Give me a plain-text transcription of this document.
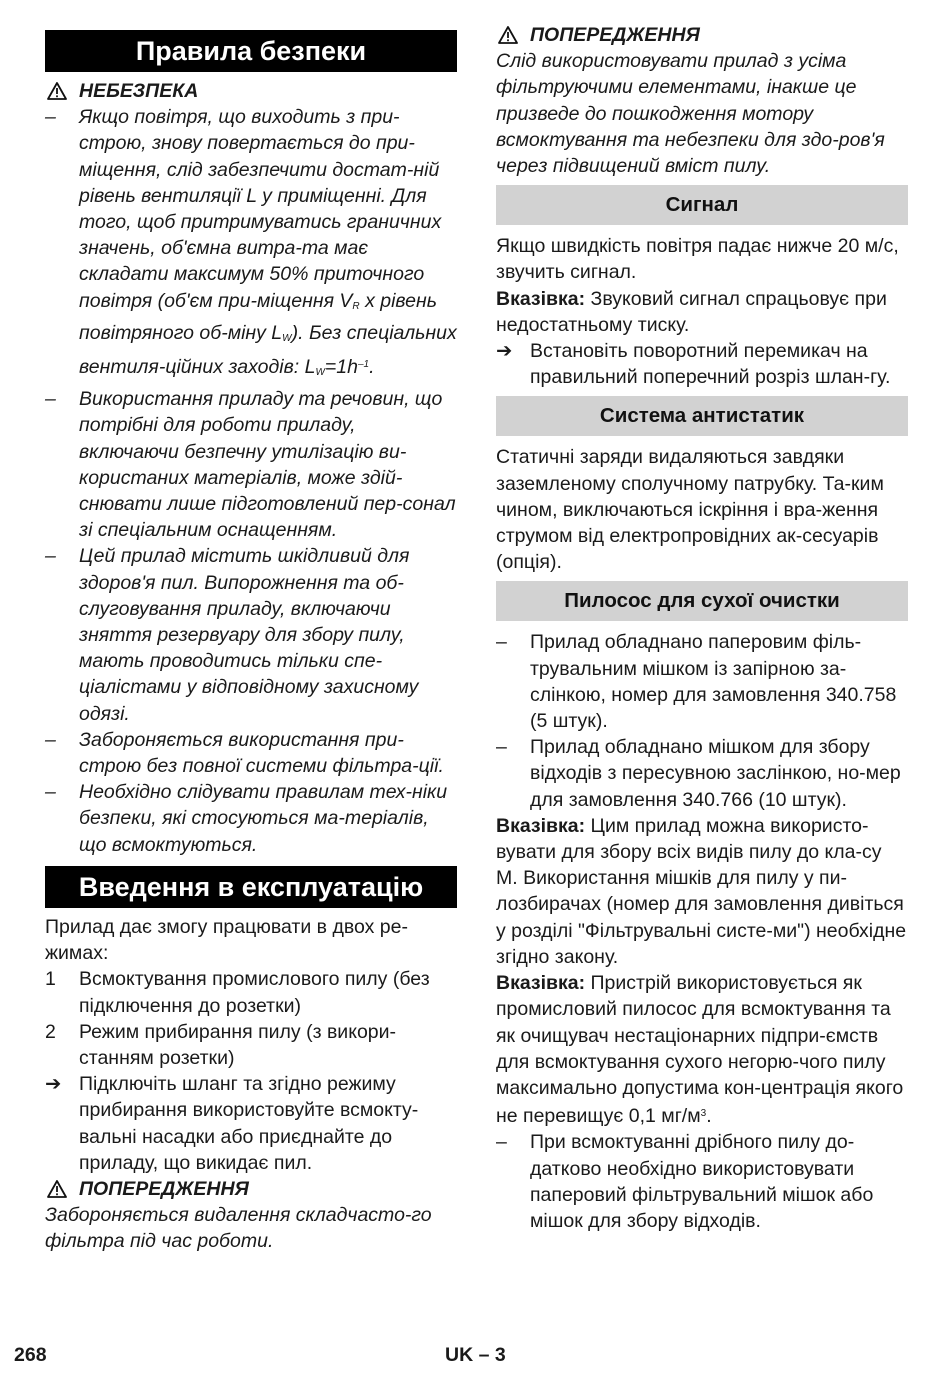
Правила безпеки
НЕБЕЗПЕКА
–	Якщо повітря, що виходить з при-строю, знову повертається до при-міщення, слід забезпечити достат-ній рівень вентиляції L у приміщенні. Для того, щоб притримуватись граничних значень, об'ємна витра-та має складати максимум 50% приточного повітря (об'єм при-міщення $V_R$ x рівень повітряного об-міну $L_W$). Без спеціальних вентиля-ційних заходів: $L_W=1h^{-1}$.
–	Використання приладу та речовин, що потрібні для роботи приладу, включаючи безпечну утилізацію ви-користаних матеріалів, може здій-снювати лише підготовлений пер-сонал зі спеціальним оснащенням.
–	Цей прилад містить шкідливий для здоров'я пил. Випорожнення та об-слуговування приладу, включаючи зняття резервуару для збору пилу, мають проводитись тільки спе-ціалістами у відповідному захисному одязі.
–	Забороняється використання при-строю без повної системи фільтра-ції.
–	Необхідно слідувати правилам тех-ніки безпеки, які стосуються ма-теріалів, що всмоктуються.
Введення в експлуатацію

Прилад дає змогу працювати в двох ре-жимах:

1	Всмоктування промислового пилу (без підключення до розетки)
2	Режим прибирання пилу (з викори-станням розетки)
➔ Підключіть шланг та згідно режиму прибирання використовуйте всмокту-вальні насадки або приєднайте до приладу, що викидає пил.
ПОПЕРЕДЖЕННЯ

Забороняється видалення складчасто-го фільтра під час роботи.

ПОПЕРЕДЖЕННЯ

Слід використовувати прилад з усіма фільтруючими елементами, інакше це призведе до пошкодження мотору всмоктування та небезпеки для здо-ров'я через підвищений вміст пилу.

Сигнал

Якщо швидкість повітря падає нижче 20 м/с, звучить сигнал.

Вказівка: Звуковий сигнал спрацьовує при недостатньому тиску.

➔ Встановіть поворотний перемикач на правильний поперечний розріз шлан-гу.
Система антистатик

Статичні заряди видаляються завдяки заземленому сполучному патрубку. Та-ким чином, виключаються іскріння і вра-ження струмом від електропровідних ак-сесуарів (опція).

Пилосос для сухої очистки
–	Прилад обладнано паперовим філь-трувальним мішком із запірною за-слінкою, номер для замовлення 340.758 (5 штук).
–	Прилад обладнано мішком для збору відходів з пересувною заслінкою, но-мер для замовлення 340.766 (10 штук).

Вказівка: Цим прилад можна використо-вувати для збору всіх видів пилу до кла-су М. Використання мішків для пилу у пи-лозбирачах (номер для замовлення дивіться у розділі "Фільтрувальні систе-ми") необхідне згідно закону.

Вказівка: Пристрій використовується як промисловий пилосос для всмоктування та як очищувач нестаціонарних підпри-ємств для всмоктування сухого негорю-чого пилу максимально допустима кон-центрація якого не перевищує 0,1 $мг/м^3$.

–	При всмоктуванні дрібного пилу до-датково необхідно використовувати паперовий фільтрувальний мішок або мішок для збору відходів.
268	UK – 3
